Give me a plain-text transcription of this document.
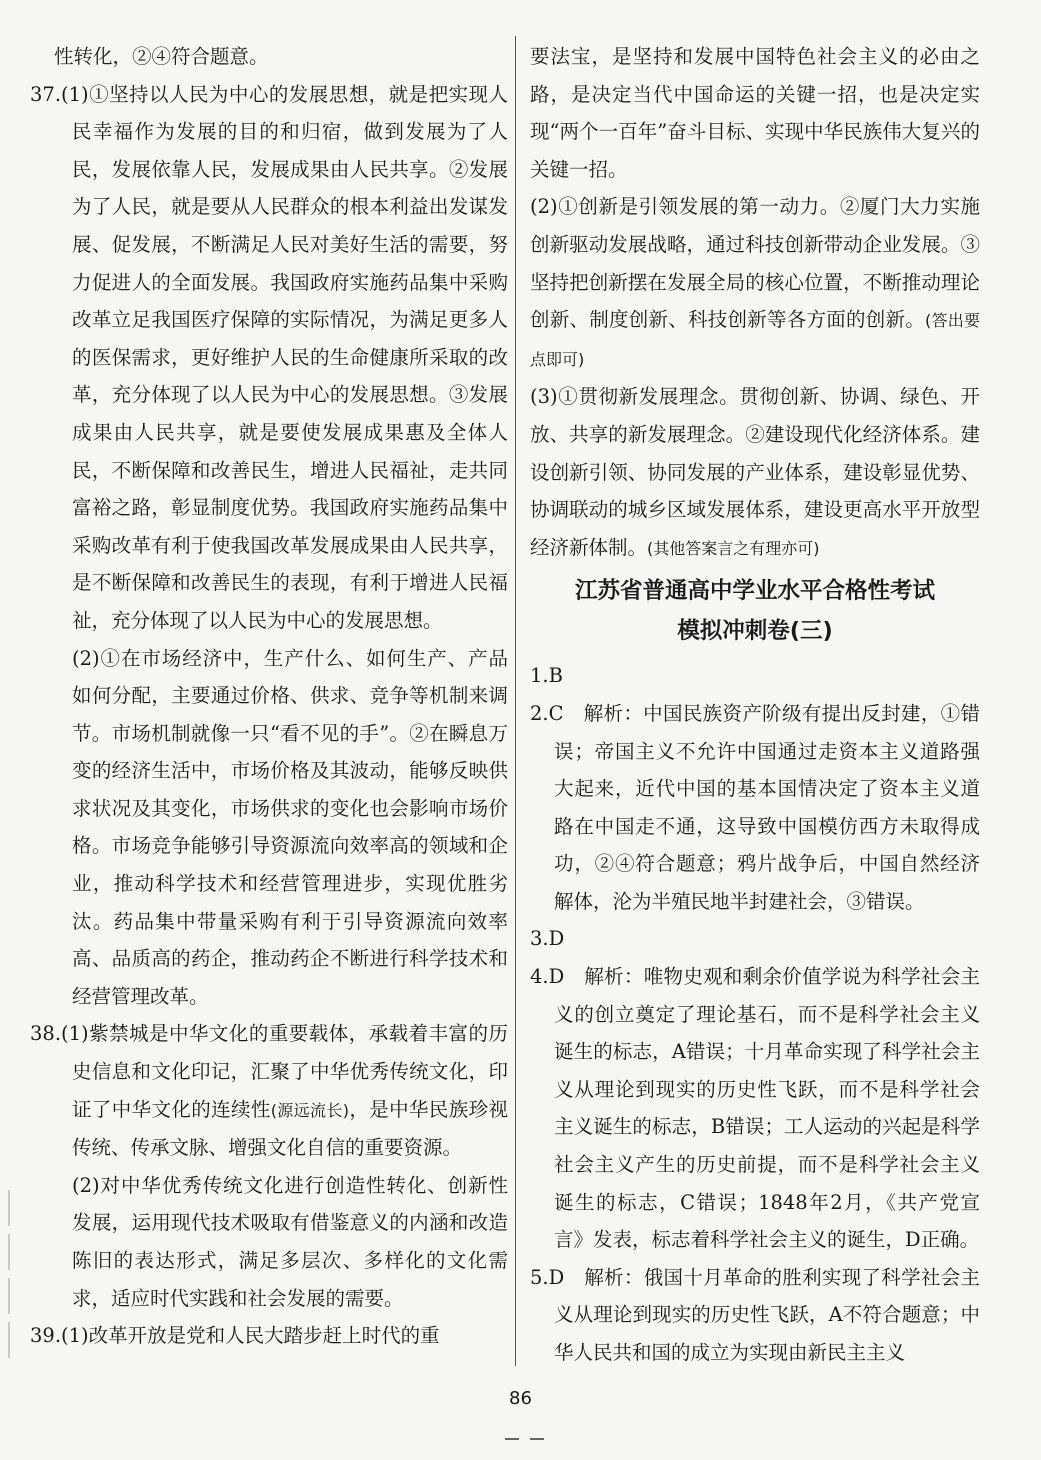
性转化，②④符合题意。

37.(1)①坚持以人民为中心的发展思想，就是把实现人民幸福作为发展的目的和归宿，做到发展为了人民，发展依靠人民，发展成果由人民共享。②发展为了人民，就是要从人民群众的根本利益出发谋发展、促发展，不断满足人民对美好生活的需要，努力促进人的全面发展。我国政府实施药品集中采购改革立足我国医疗保障的实际情况，为满足更多人的医保需求，更好维护人民的生命健康所采取的改革，充分体现了以人民为中心的发展思想。③发展成果由人民共享，就是要使发展成果惠及全体人民，不断保障和改善民生，增进人民福祉，走共同富裕之路，彰显制度优势。我国政府实施药品集中采购改革有利于使我国改革发展成果由人民共享，是不断保障和改善民生的表现，有利于增进人民福祉，充分体现了以人民为中心的发展思想。

(2)①在市场经济中，生产什么、如何生产、产品如何分配，主要通过价格、供求、竞争等机制来调节。市场机制就像一只“看不见的手”。②在瞬息万变的经济生活中，市场价格及其波动，能够反映供求状况及其变化，市场供求的变化也会影响市场价格。市场竞争能够引导资源流向效率高的领域和企业，推动科学技术和经营管理进步，实现优胜劣汰。药品集中带量采购有利于引导资源流向效率高、品质高的药企，推动药企不断进行科学技术和经营管理改革。

38.(1)紫禁城是中华文化的重要载体，承载着丰富的历史信息和文化印记，汇聚了中华优秀传统文化，印证了中华文化的连续性(源远流长)，是中华民族珍视传统、传承文脉、增强文化自信的重要资源。

(2)对中华优秀传统文化进行创造性转化、创新性发展，运用现代技术吸取有借鉴意义的内涵和改造陈旧的表达形式，满足多层次、多样化的文化需求，适应时代实践和社会发展的需要。

39.(1)改革开放是党和人民大踏步赶上时代的重

要法宝，是坚持和发展中国特色社会主义的必由之路，是决定当代中国命运的关键一招，也是决定实现“两个一百年”奋斗目标、实现中华民族伟大复兴的关键一招。

(2)①创新是引领发展的第一动力。②厦门大力实施创新驱动发展战略，通过科技创新带动企业发展。③坚持把创新摆在发展全局的核心位置，不断推动理论创新、制度创新、科技创新等各方面的创新。(答出要点即可)

(3)①贯彻新发展理念。贯彻创新、协调、绿色、开放、共享的新发展理念。②建设现代化经济体系。建设创新引领、协同发展的产业体系，建设彰显优势、协调联动的城乡区域发展体系，建设更高水平开放型经济新体制。(其他答案言之有理亦可)

江苏省普通高中学业水平合格性考试
模拟冲刺卷(三)

1.B

2.C　解析：中国民族资产阶级有提出反封建，①错误；帝国主义不允许中国通过走资本主义道路强大起来，近代中国的基本国情决定了资本主义道路在中国走不通，这导致中国模仿西方未取得成功，②④符合题意；鸦片战争后，中国自然经济解体，沦为半殖民地半封建社会，③错误。

3.D

4.D　解析：唯物史观和剩余价值学说为科学社会主义的创立奠定了理论基石，而不是科学社会主义诞生的标志，A错误；十月革命实现了科学社会主义从理论到现实的历史性飞跃，而不是科学社会主义诞生的标志，B错误；工人运动的兴起是科学社会主义产生的历史前提，而不是科学社会主义诞生的标志，C错误；1848年2月，《共产党宣言》发表，标志着科学社会主义的诞生，D正确。

5.D　解析：俄国十月革命的胜利实现了科学社会主义从理论到现实的历史性飞跃，A不符合题意；中华人民共和国的成立为实现由新民主主义

86
